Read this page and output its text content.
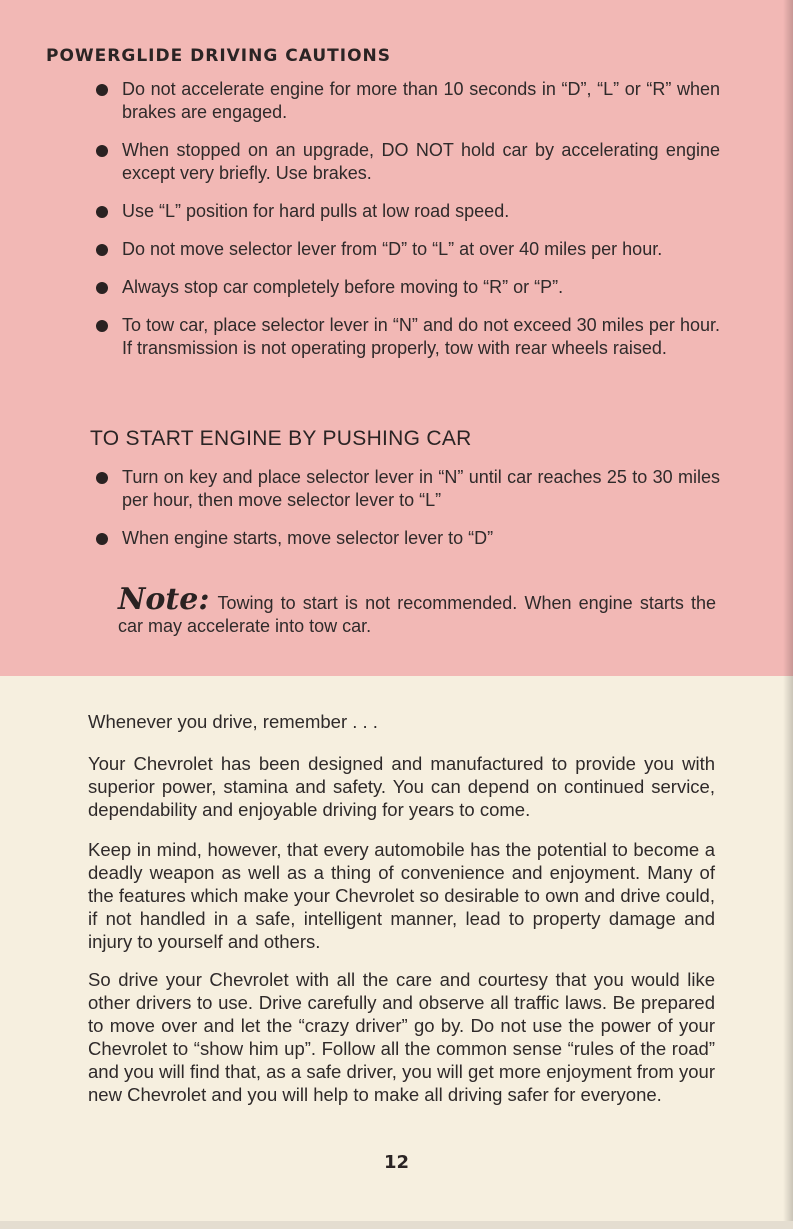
POWERGLIDE DRIVING CAUTIONS
Do not accelerate engine for more than 10 seconds in “D”, “L” or “R” when brakes are engaged.
When stopped on an upgrade, DO NOT hold car by accelerating engine except very briefly. Use brakes.
Use “L” position for hard pulls at low road speed.
Do not move selector lever from “D” to “L” at over 40 miles per hour.
Always stop car completely before moving to “R” or “P”.
To tow car, place selector lever in “N” and do not exceed 30 miles per hour. If transmission is not operating properly, tow with rear wheels raised.
TO START ENGINE BY PUSHING CAR
Turn on key and place selector lever in “N” until car reaches 25 to 30 miles per hour, then move selector lever to “L”
When engine starts, move selector lever to “D”
Note: Towing to start is not recommended. When engine starts the car may accelerate into tow car.

Whenever you drive, remember . . .

Your Chevrolet has been designed and manufactured to provide you with superior power, stamina and safety. You can depend on continued service, dependability and enjoyable driving for years to come.

Keep in mind, however, that every automobile has the potential to become a deadly weapon as well as a thing of convenience and enjoyment. Many of the features which make your Chevrolet so desirable to own and drive could, if not handled in a safe, intelligent manner, lead to property damage and injury to yourself and others.

So drive your Chevrolet with all the care and courtesy that you would like other drivers to use. Drive carefully and observe all traffic laws. Be prepared to move over and let the “crazy driver” go by. Do not use the power of your Chevrolet to “show him up”. Follow all the common sense “rules of the road” and you will find that, as a safe driver, you will get more enjoyment from your new Chevrolet and you will help to make all driving safer for everyone.

12
